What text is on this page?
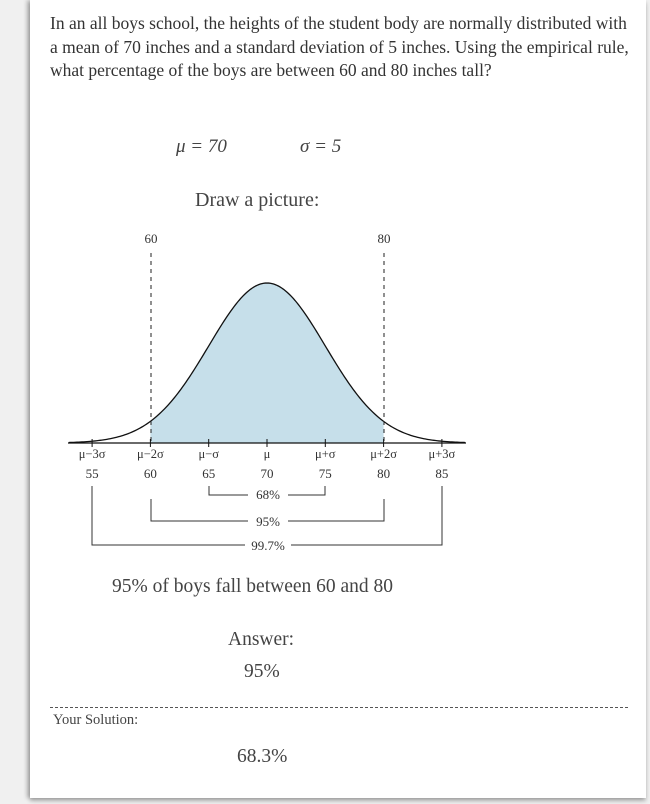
In an all boys school, the heights of the student body are normally distributed with a mean of 70 inches and a standard deviation of 5 inches. Using the empirical rule, what percentage of the boys are between 60 and 80 inches tall?
μ = 70	σ = 5
Draw a picture:
60	80
μ−3σ
55
μ−2σ
60
μ−σ
65
μ
70
μ+σ
75
μ+2σ
80
μ+3σ
85
68%
95%
99.7%
95% of boys fall between 60 and 80
Answer:
95%
Your Solution:
68.3%
